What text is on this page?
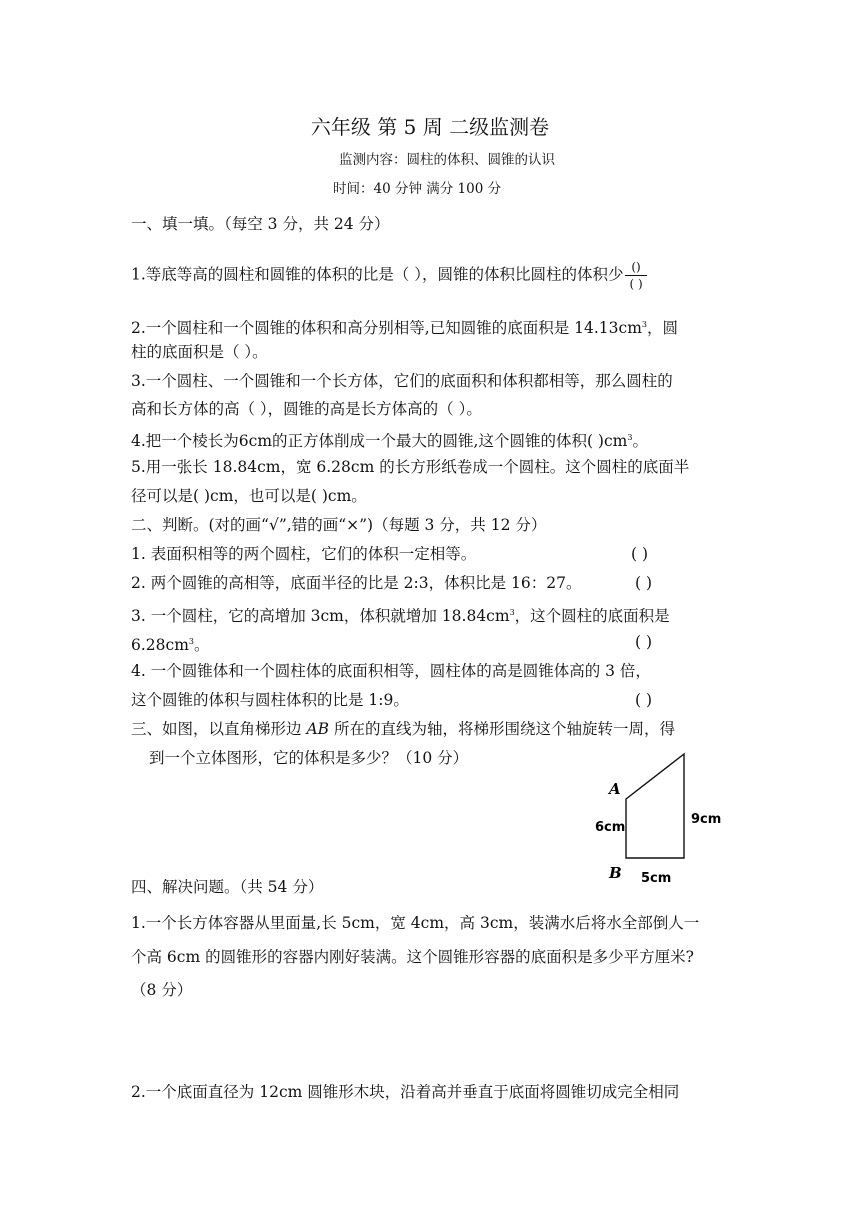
六年级 第 5 周 二级监测卷
监测内容：圆柱的体积、圆锥的认识
时间：40 分钟 满分 100 分
一、填一填。（每空 3 分，共 24 分）
1.等底等高的圆柱和圆锥的体积的比是（ ），圆锥的体积比圆柱的体积少 $\frac{()}{( )}$
2.一个圆柱和一个圆锥的体积和高分别相等,已知圆锥的底面积是 $14.13cm^3$，圆
柱的底面积是（ ）。
3.一个圆柱、一个圆锥和一个长方体，它们的底面积和体积都相等，那么圆柱的
高和长方体的高（ ），圆锥的高是长方体高的（ ）。
4.把一个棱长为6cm的正方体削成一个最大的圆锥,这个圆锥的体积( )$cm^3$。
5.用一张长 18.84cm，宽 6.28cm 的长方形纸卷成一个圆柱。这个圆柱的底面半
径可以是( )cm，也可以是( )cm。
二、判断。(对的画“√”,错的画“×”)（每题 3 分，共 12 分）
1. 表面积相等的两个圆柱，它们的体积一定相等。	( )
2. 两个圆锥的高相等，底面半径的比是 2:3，体积比是 16：27。	( )
3. 一个圆柱，它的高增加 3cm，体积就增加 $18.84cm^3$，这个圆柱的底面积是
$6.28cm^3$。	( )
4. 一个圆锥体和一个圆柱体的底面积相等，圆柱体的高是圆锥体高的 3 倍，
这个圆锥的体积与圆柱体积的比是 1:9。	( )
三、如图，以直角梯形边 AB 所在的直线为轴，将梯形围绕这个轴旋转一周，得
到一个立体图形，它的体积是多少？（10 分）
A
B
6cm
9cm
5cm
四、解决问题。（共 54 分）
1.一个长方体容器从里面量,长 5cm，宽 4cm，高 3cm，装满水后将水全部倒人一
个高 6cm 的圆锥形的容器内刚好装满。这个圆锥形容器的底面积是多少平方厘米?
（8 分）
2.一个底面直径为 12cm 圆锥形木块，沿着高并垂直于底面将圆锥切成完全相同
